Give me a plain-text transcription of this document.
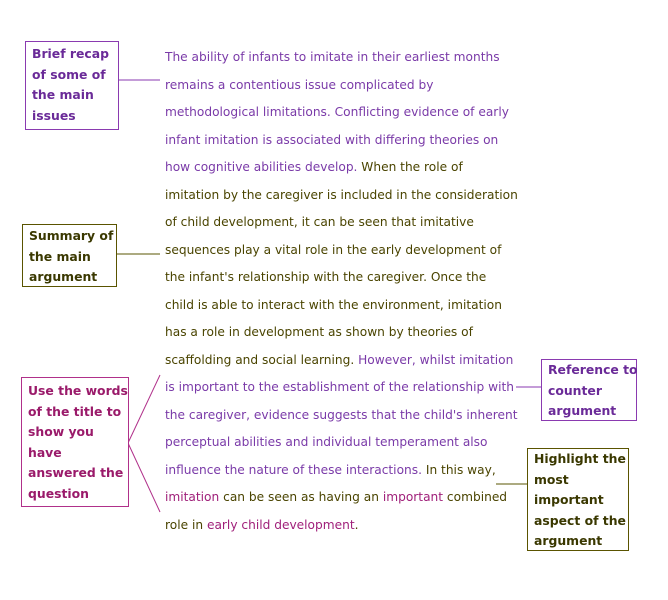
The ability of infants to imitate in their earliest months
remains a contentious issue complicated by
methodological limitations. Conflicting evidence of early
infant imitation is associated with differing theories on
how cognitive abilities develop. When the role of
imitation by the caregiver is included in the consideration
of child development, it can be seen that imitative
sequences play a vital role in the early development of
the infant's relationship with the caregiver. Once the
child is able to interact with the environment, imitation
has a role in development as shown by theories of
scaffolding and social learning. However, whilst imitation
is important to the establishment of the relationship with
the caregiver, evidence suggests that the child's inherent
perceptual abilities and individual temperament also
influence the nature of these interactions. In this way,
imitation can be seen as having an important combined
role in early child development.
Brief recap
of some of
the main
issues
Summary of
the main
argument
Use the words
of the title to
show you
have
answered the
question
Reference to
counter
argument
Highlight the
most
important
aspect of the
argument
